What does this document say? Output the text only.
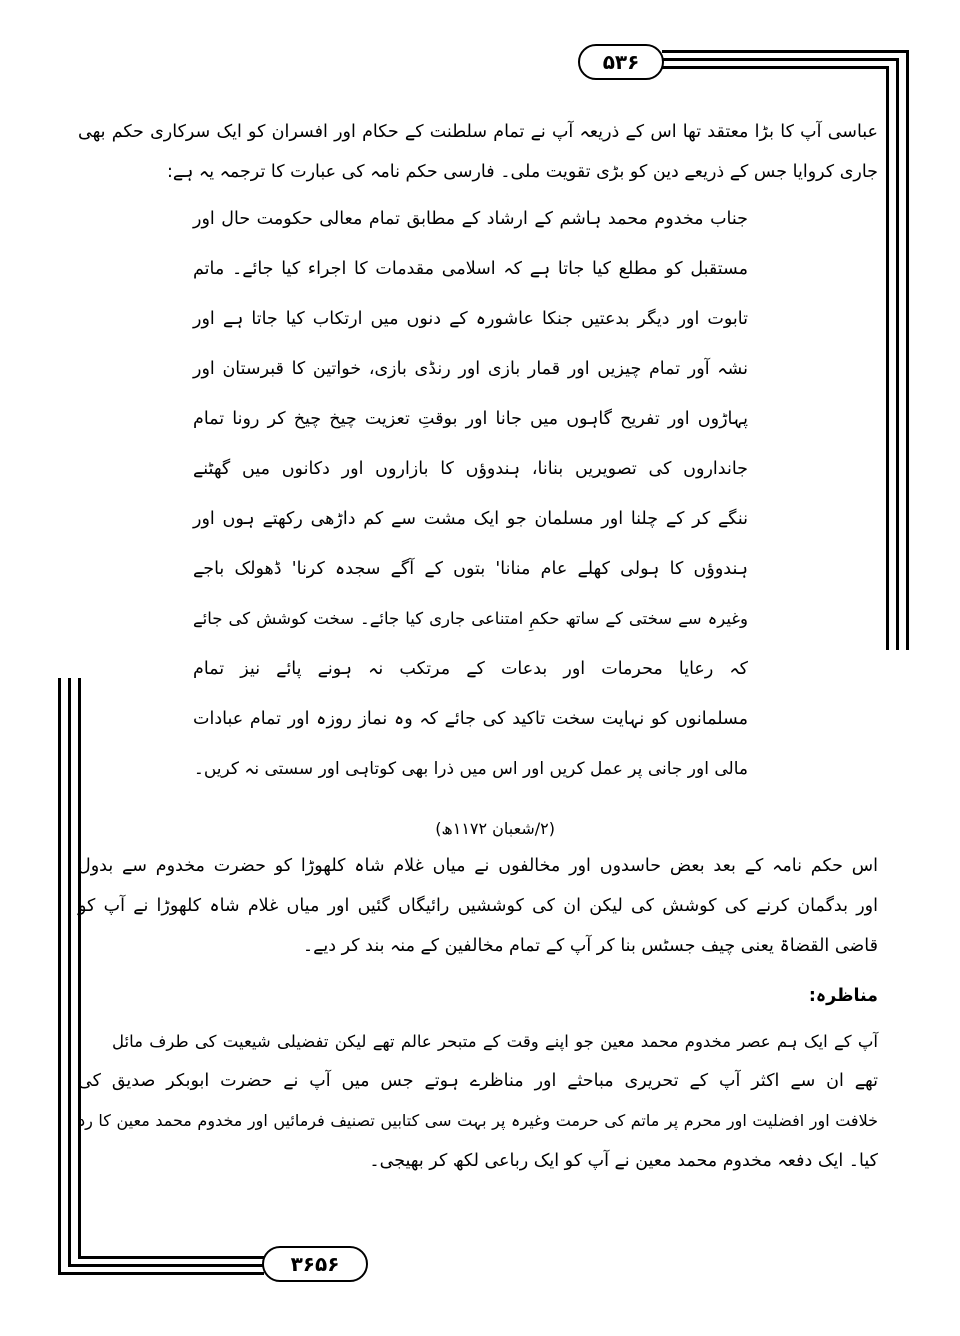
۵۳۶
۳۶۵۶
عباسی آپ کا بڑا معتقد تھا اس کے ذریعہ آپ نے تمام سلطنت کے حکام اور افسران کو ایک سرکاری حکم بھی
جاری کروایا جس کے ذریعے دین کو بڑی تقویت ملی۔ فارسی حکم نامہ کی عبارت کا ترجمہ یہ ہے:
جناب مخدوم محمد ہاشم کے ارشاد کے مطابق تمام معالی حکومت حال اور
مستقبل کو مطلع کیا جاتا ہے کہ اسلامی مقدمات کا اجراء کیا جائے۔ ماتم
تابوت اور دیگر بدعتیں جنکا عاشورہ کے دنوں میں ارتکاب کیا جاتا ہے اور
نشہ آور تمام چیزیں اور قمار بازی اور رنڈی بازی، خواتین کا قبرستان اور
پہاڑوں اور تفریح گاہوں میں جانا اور بوقتِ تعزیت چیخ چیخ کر رونا تمام
جانداروں کی تصویریں بنانا، ہندوؤں کا بازاروں اور دکانوں میں گھٹنے
ننگے کر کے چلنا اور مسلمان جو ایک مشت سے کم داڑھی رکھتے ہوں اور
ہندوؤں کا ہولی کھلے عام منانا' بتوں کے آگے سجدہ کرنا' ڈھولک باجے
وغیرہ سے سختی کے ساتھ حکمِ امتناعی جاری کیا جائے۔ سخت کوشش کی جائے
کہ رعایا محرمات اور بدعات کے مرتکب نہ ہونے پائے نیز تمام
مسلمانوں کو نہایت سخت تاکید کی جائے کہ وہ نماز روزہ اور تمام عبادات
مالی اور جانی پر عمل کریں اور اس میں ذرا بھی کوتاہی اور سستی نہ کریں۔
(۲/شعبان ۱۱۷۲ھ)
اس حکم نامہ کے بعد بعض حاسدوں اور مخالفوں نے میاں غلام شاہ کلھوڑا کو حضرت مخدوم سے بدول
اور بدگمان کرنے کی کوشش کی لیکن ان کی کوششیں رائیگاں گئیں اور میاں غلام شاہ کلھوڑا نے آپ کو
قاضی القضاۃ یعنی چیف جسٹس بنا کر آپ کے تمام مخالفین کے منہ بند کر دیے۔
مناظرہ:
آپ کے ایک ہم عصر مخدوم محمد معین جو اپنے وقت کے متبحر عالم تھے لیکن تفضیلی شیعیت کی طرف مائل
تھے ان سے اکثر آپ کے تحریری مباحثے اور مناظرے ہوتے جس میں آپ نے حضرت ابوبکر صدیق کی
خلافت اور افضلیت اور محرم پر ماتم کی حرمت وغیرہ پر بہت سی کتابیں تصنیف فرمائیں اور مخدوم محمد معین کا رد
کیا۔ ایک دفعہ مخدوم محمد معین نے آپ کو ایک رباعی لکھ کر بھیجی۔
